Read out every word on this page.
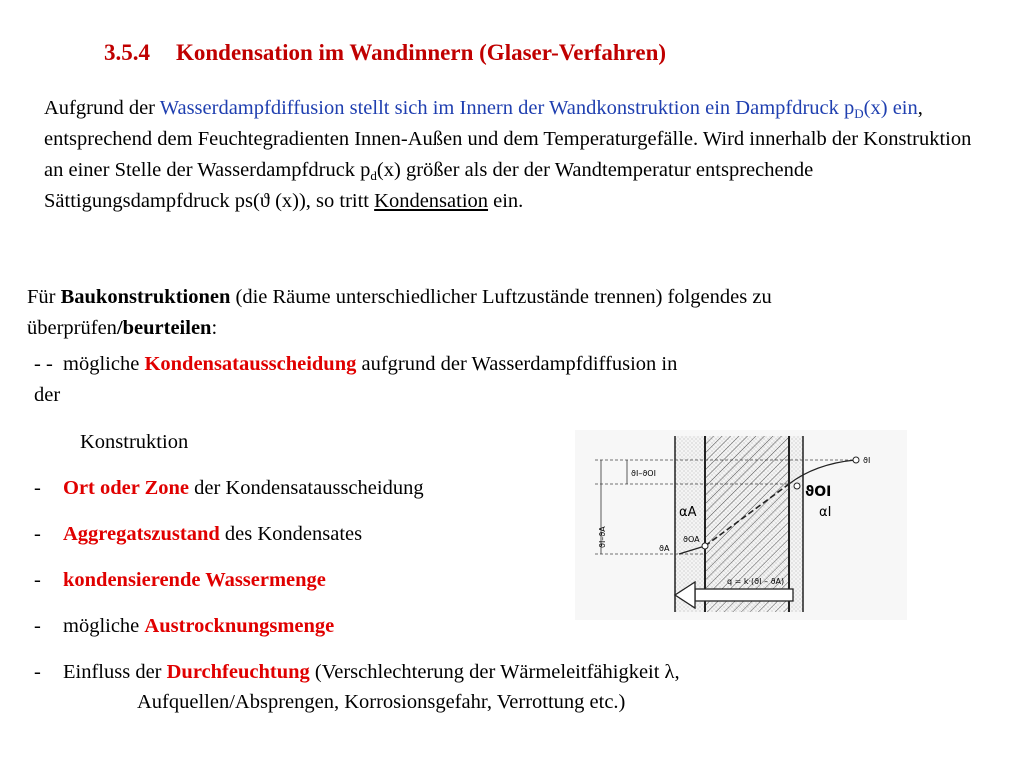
3.5.4 Kondensation im Wandinnern (Glaser-Verfahren)
Aufgrund der Wasserdampfdiffusion stellt sich im Innern der Wandkonstruktion ein Dampfdruck $p_D(x)$ ein, entsprechend dem Feuchtegradienten Innen-Außen und dem Temperaturgefälle. Wird innerhalb der Konstruktion an einer Stelle der Wasserdampfdruck $p_d(x)$ größer als der der Wandtemperatur entsprechende Sättigungsdampfdruck ps(ϑ (x)), so tritt Kondensation ein.
Für Baukonstruktionen (die Räume unterschiedlicher Luftzustände trennen) folgendes zu überprüfen/beurteilen:
- - mögliche Kondensatausscheidung aufgrund der Wasserdampfdiffusion in
der
Konstruktion
- Ort oder Zone der Kondensatausscheidung
- Aggregatszustand des Kondensates
- kondensierende Wassermenge
- mögliche Austrocknungsmenge
- Einfluss der Durchfeuchtung (Verschlechterung der Wärmeleitfähigkeit λ,
Aufquellen/Absprengen, Korrosionsgefahr, Verrottung etc.)
ϑI–ϑA
ϑI–ϑOI
ϑA
ϑOA
αA	αI
ϑOI
ϑI
q = k·(ϑI – ϑA)
